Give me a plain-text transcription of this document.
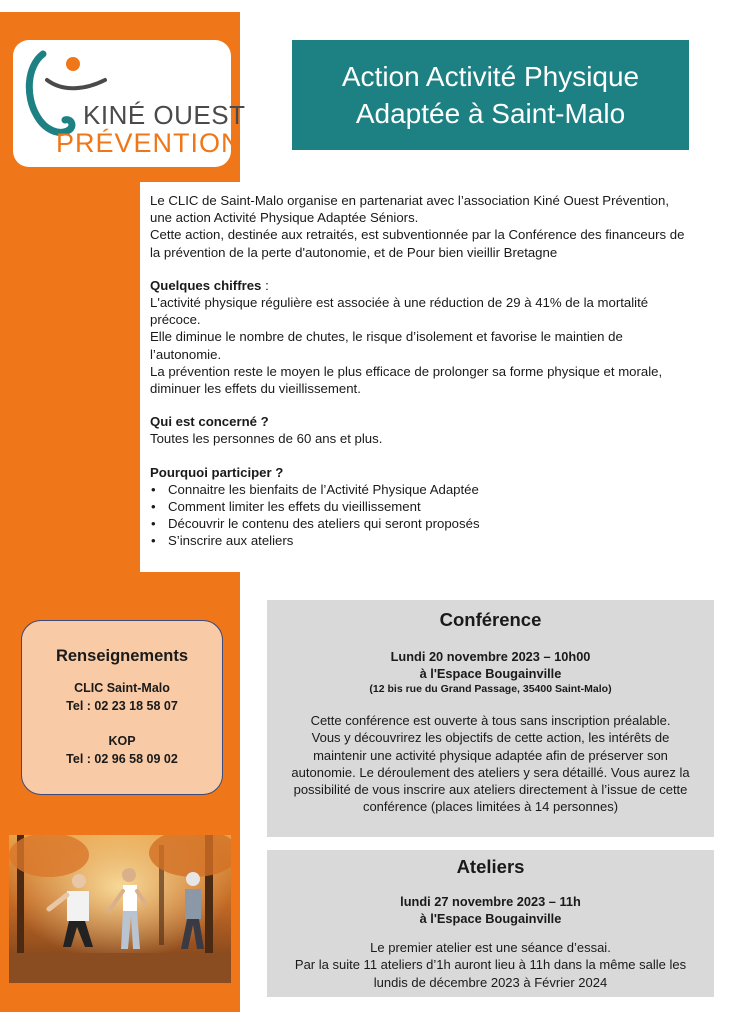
KINÉ OUEST
PRÉVENTION
Action Activité Physique
Adaptée à Saint-Malo

Le CLIC de Saint-Malo organise en partenariat avec l’association Kiné Ouest Prévention, une action Activité Physique Adaptée Séniors.

Cette action, destinée aux retraités, est subventionnée par la Conférence des financeurs de la prévention de la perte d'autonomie, et de Pour bien vieillir Bretagne

Quelques chiffres :

L'activité physique régulière est associée à une réduction de 29 à 41% de la mortalité précoce.

Elle diminue le nombre de chutes, le risque d’isolement et favorise le maintien de l’autonomie.

La prévention reste le moyen le plus efficace de prolonger sa forme physique et morale, diminuer les effets du vieillissement.

Qui est concerné ?

Toutes les personnes de 60 ans et plus.

Pourquoi participer ?

• Connaitre les bienfaits de l’Activité Physique Adaptée
• Comment limiter les effets du vieillissement
• Découvrir le contenu des ateliers qui seront proposés
• S’inscrire aux ateliers
Renseignements
CLIC Saint-Malo
Tel : 02 23 18 58 07
KOP
Tel : 02 96 58 09 02
Conférence
Lundi 20 novembre 2023 – 10h00
à l'Espace Bougainville
(12 bis rue du Grand Passage, 35400 Saint-Malo)
Cette conférence est ouverte à tous sans inscription préalable.
Vous y découvrirez les objectifs de cette action, les intérêts de
maintenir une activité physique adaptée afin de préserver son
autonomie. Le déroulement des ateliers y sera détaillé. Vous aurez la
possibilité de vous inscrire aux ateliers directement à l’issue de cette
conférence (places limitées à 14 personnes)
Ateliers
lundi 27 novembre 2023 – 11h
à l'Espace Bougainville
Le premier atelier est une séance d’essai.
Par la suite 11 ateliers d’1h auront lieu à 11h dans la même salle les
lundis de décembre 2023 à Février 2024
